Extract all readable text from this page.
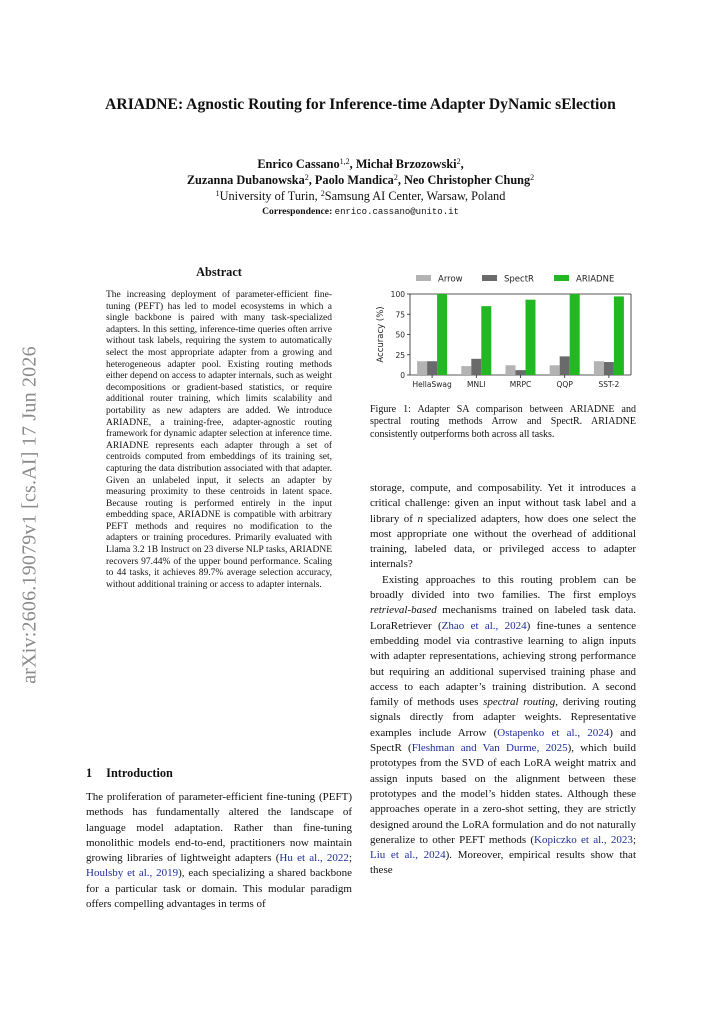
ARIADNE: Agnostic Routing for Inference-time Adapter DyNamic sElection
Enrico Cassano$^{1,2}$, Michał Brzozowski$^2$,
Zuzanna Dubanowska$^2$, Paolo Mandica$^2$, Neo Christopher Chung$^2$
$^1$University of Turin, $^2$Samsung AI Center, Warsaw, Poland
Correspondence: enrico.cassano@unito.it
arXiv:2606.19079v1 [cs.AI] 17 Jun 2026
Abstract
The increasing deployment of parameter-efficient fine-tuning (PEFT) has led to model ecosystems in which a single backbone is paired with many task-specialized adapters. In this setting, inference-time queries often arrive without task labels, requiring the system to automatically select the most appropriate adapter from a growing and heterogeneous adapter pool. Existing routing methods either depend on access to adapter internals, such as weight decompositions or gradient-based statistics, or require additional router training, which limits scalability and portability as new adapters are added. We introduce ARIADNE, a training-free, adapter-agnostic routing framework for dynamic adapter selection at inference time. ARIADNE represents each adapter through a set of centroids computed from embeddings of its training set, capturing the data distribution associated with that adapter. Given an unlabeled input, it selects an adapter by measuring proximity to these centroids in latent space. Because routing is performed entirely in the input embedding space, ARIADNE is compatible with arbitrary PEFT methods and requires no modification to the adapters or training procedures. Primarily evaluated with Llama 3.2 1B Instruct on 23 diverse NLP tasks, ARIADNE recovers 97.44% of the upper bound performance. Scaling to 44 tasks, it achieves 89.7% average selection accuracy, without additional training or access to adapter internals.
1 Introduction

The proliferation of parameter-efficient fine-tuning (PEFT) methods has fundamentally altered the landscape of language model adaptation. Rather than fine-tuning monolithic models end-to-end, practitioners now maintain growing libraries of lightweight adapters (Hu et al., 2022; Houlsby et al., 2019), each specializing a shared backbone for a particular task or domain. This modular paradigm offers compelling advantages in terms of

Arrow	SpectR	ARIADNE
0
25
50
75
100
Accuracy (%)
HellaSwag MNLI	MRPC	QQP	SST-2
Figure 1: Adapter SA comparison between ARIADNE and spectral routing methods Arrow and SpectR. ARIADNE consistently outperforms both across all tasks.

storage, compute, and composability. Yet it introduces a critical challenge: given an input without task label and a library of n specialized adapters, how does one select the most appropriate one without the overhead of additional training, labeled data, or privileged access to adapter internals?

Existing approaches to this routing problem can be broadly divided into two families. The first employs retrieval-based mechanisms trained on labeled task data. LoraRetriever (Zhao et al., 2024) fine-tunes a sentence embedding model via contrastive learning to align inputs with adapter representations, achieving strong performance but requiring an additional supervised training phase and access to each adapter’s training distribution. A second family of methods uses spectral routing, deriving routing signals directly from adapter weights. Representative examples include Arrow (Ostapenko et al., 2024) and SpectR (Fleshman and Van Durme, 2025), which build prototypes from the SVD of each LoRA weight matrix and assign inputs based on the alignment between these prototypes and the model’s hidden states. Although these approaches operate in a zero-shot setting, they are strictly designed around the LoRA formulation and do not naturally generalize to other PEFT methods (Kopiczko et al., 2023; Liu et al., 2024). Moreover, empirical results show that these
